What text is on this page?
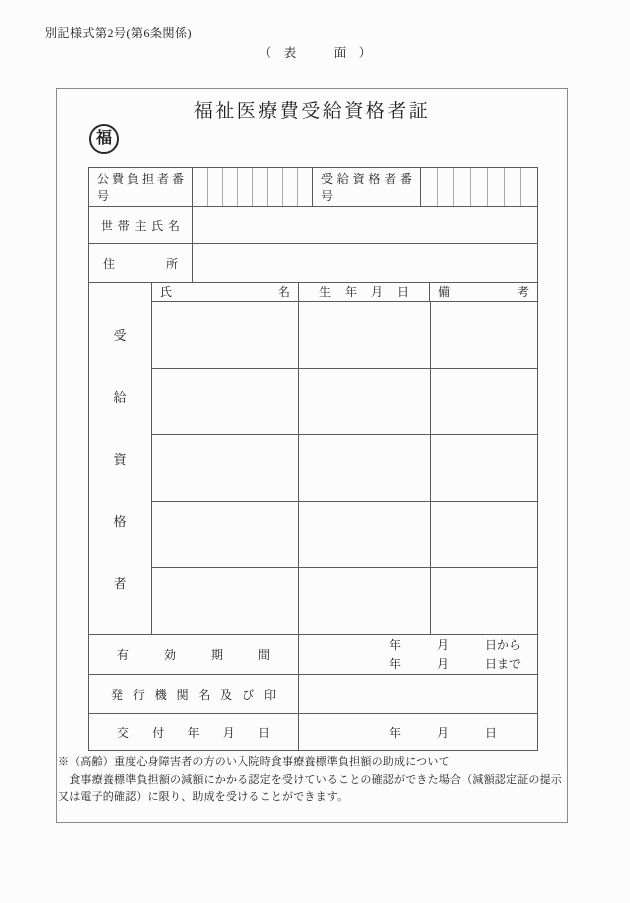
別記様式第2号(第6条関係)
（　表　　　面　）
福祉医療費受給資格者証
福
公 費 負 担 者 番 号
受 給 資 格 者 番 号
世 帯 主 氏 名
住 所
受
給
資
格
者
氏 名 生 年 月 日 備 考
有 効 期 間
年　　　月　　　日から
年　　　月　　　日まで
発 行 機 関 名 及 び 印
交 付 年 月 日	年　　　月　　　日
※（高齢）重度心身障害者の方のい入院時食事療養標準負担額の助成について
　食事療養標準負担額の減額にかかる認定を受けていることの確認ができた場合（減額認定証の提示
又は電子的確認）に限り、助成を受けることができます。
